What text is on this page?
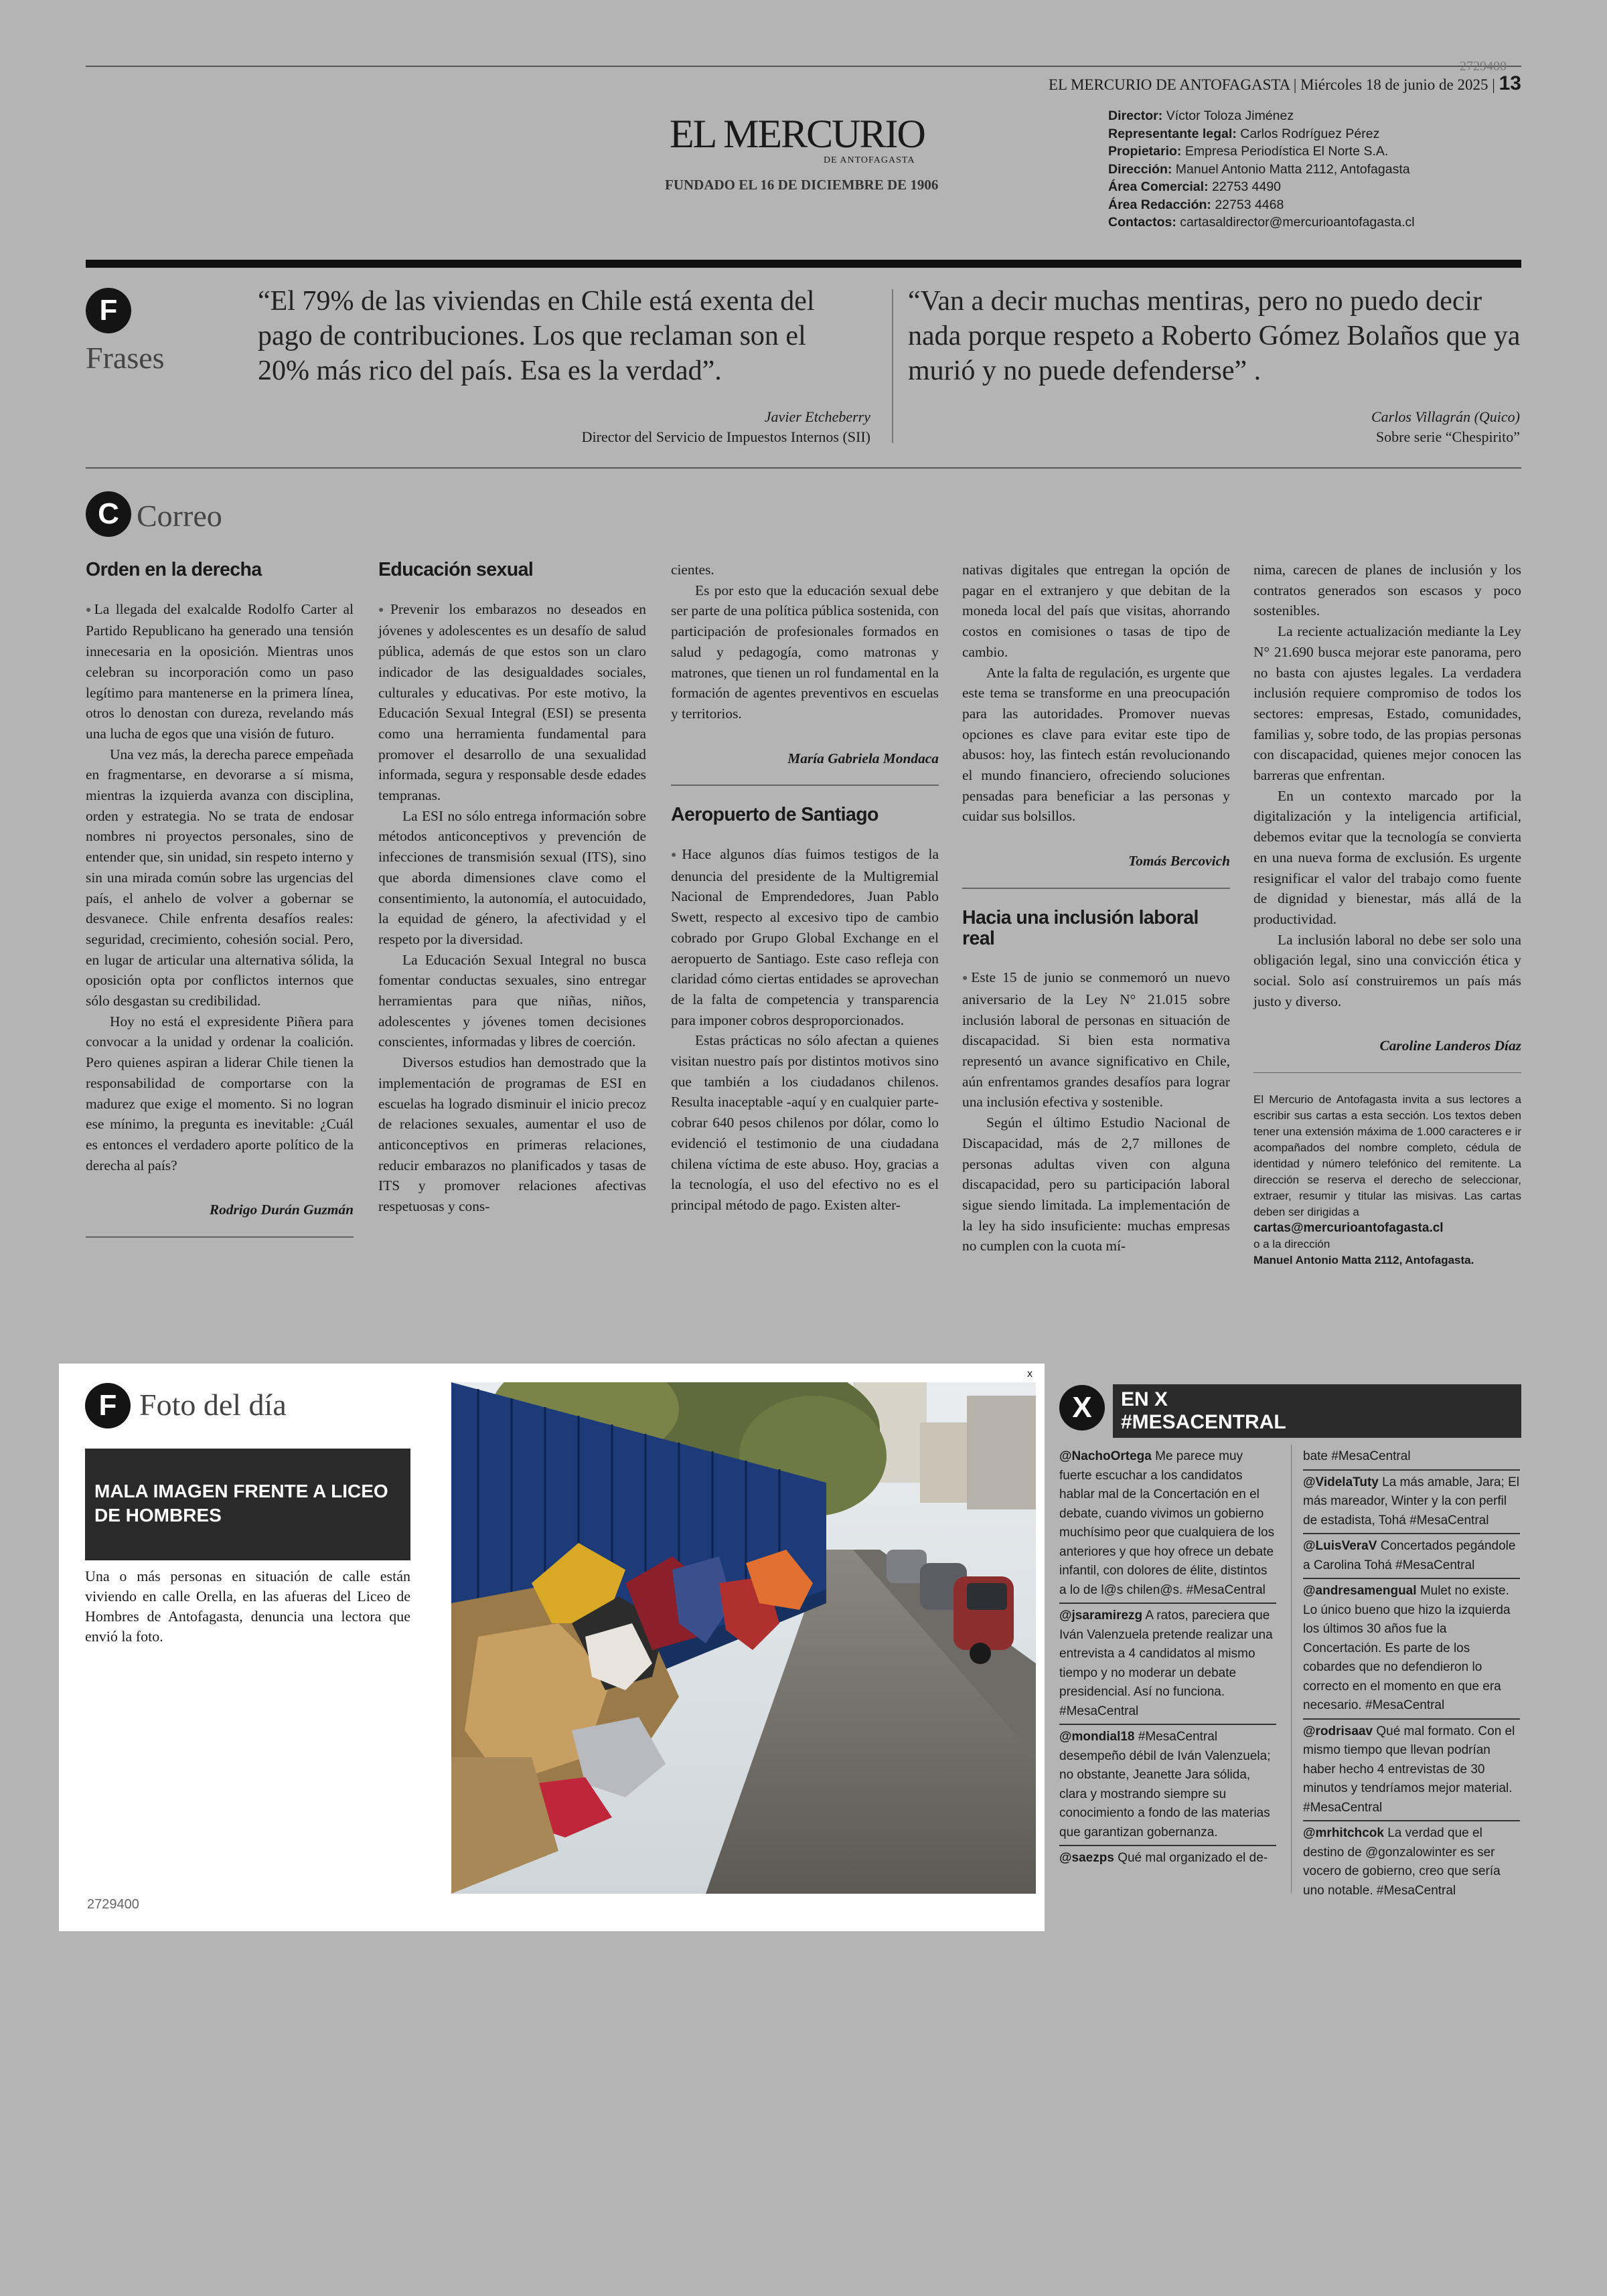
2729400
EL MERCURIO DE ANTOFAGASTA | Miércoles 18 de junio de 2025 | 13
EL MERCURIO
DE ANTOFAGASTA
FUNDADO EL 16 DE DICIEMBRE DE 1906
Director: Víctor Toloza Jiménez
Representante legal: Carlos Rodríguez Pérez
Propietario: Empresa Periodística El Norte S.A.
Dirección: Manuel Antonio Matta 2112, Antofagasta
Área Comercial: 22753 4490
Área Redacción: 22753 4468
Contactos: cartasaldirector@mercurioantofagasta.cl
F
Frases
“El 79% de las viviendas en Chile está exenta del pago de contribuciones. Los que reclaman son el 20% más rico del país. Esa es la verdad”.
Javier Etcheberry
Director del Servicio de Impuestos Internos (SII)
“Van a decir muchas mentiras, pero no puedo decir nada porque respeto a Roberto Gómez Bolaños que ya murió y no puede defenderse” .
Carlos Villagrán (Quico)
Sobre serie “Chespirito”
C Correo
Orden en la derecha

● La llegada del exalcalde Rodolfo Carter al Partido Republicano ha generado una tensión innecesaria en la oposición. Mientras unos celebran su incorporación como un paso legítimo para mantenerse en la primera línea, otros lo denostan con dureza, revelando más una lucha de egos que una visión de futuro.

Una vez más, la derecha parece empeñada en fragmentarse, en devorarse a sí misma, mientras la izquierda avanza con disciplina, orden y estrategia. No se trata de endosar nombres ni proyectos personales, sino de entender que, sin unidad, sin respeto interno y sin una mirada común sobre las urgencias del país, el anhelo de volver a gobernar se desvanece. Chile enfrenta desafíos reales: seguridad, crecimiento, cohesión social. Pero, en lugar de articular una alternativa sólida, la oposición opta por conflictos internos que sólo desgastan su credibilidad.

Hoy no está el expresidente Piñera para convocar a la unidad y ordenar la coalición. Pero quienes aspiran a liderar Chile tienen la responsabilidad de comportarse con la madurez que exige el momento. Si no logran ese mínimo, la pregunta es inevitable: ¿Cuál es entonces el verdadero aporte político de la derecha al país?

Rodrigo Durán Guzmán

Educación sexual

● Prevenir los embarazos no deseados en jóvenes y adolescentes es un desafío de salud pública, además de que estos son un claro indicador de las desigualdades sociales, culturales y educativas. Por este motivo, la Educación Sexual Integral (ESI) se presenta como una herramienta fundamental para promover el desarrollo de una sexualidad informada, segura y responsable desde edades tempranas.

La ESI no sólo entrega información sobre métodos anticonceptivos y prevención de infecciones de transmisión sexual (ITS), sino que aborda dimensiones clave como el consentimiento, la autonomía, el autocuidado, la equidad de género, la afectividad y el respeto por la diversidad.

La Educación Sexual Integral no busca fomentar conductas sexuales, sino entregar herramientas para que niñas, niños, adolescentes y jóvenes tomen decisiones conscientes, informadas y libres de coerción.

Diversos estudios han demostrado que la implementación de programas de ESI en escuelas ha logrado disminuir el inicio precoz de relaciones sexuales, aumentar el uso de anticonceptivos en primeras relaciones, reducir embarazos no planificados y tasas de ITS y promover relaciones afectivas respetuosas y cons-

cientes.

Es por esto que la educación sexual debe ser parte de una política pública sostenida, con participación de profesionales formados en salud y pedagogía, como matronas y matrones, que tienen un rol fundamental en la formación de agentes preventivos en escuelas y territorios.

María Gabriela Mondaca

Aeropuerto de Santiago

● Hace algunos días fuimos testigos de la denuncia del presidente de la Multigremial Nacional de Emprendedores, Juan Pablo Swett, respecto al excesivo tipo de cambio cobrado por Grupo Global Exchange en el aeropuerto de Santiago. Este caso refleja con claridad cómo ciertas entidades se aprovechan de la falta de competencia y transparencia para imponer cobros desproporcionados.

Estas prácticas no sólo afectan a quienes visitan nuestro país por distintos motivos sino que también a los ciudadanos chilenos. Resulta inaceptable -aquí y en cualquier parte- cobrar 640 pesos chilenos por dólar, como lo evidenció el testimonio de una ciudadana chilena víctima de este abuso. Hoy, gracias a la tecnología, el uso del efectivo no es el principal método de pago. Existen alter-

nativas digitales que entregan la opción de pagar en el extranjero y que debitan de la moneda local del país que visitas, ahorrando costos en comisiones o tasas de tipo de cambio.

Ante la falta de regulación, es urgente que este tema se transforme en una preocupación para las autoridades. Promover nuevas opciones es clave para evitar este tipo de abusos: hoy, las fintech están revolucionando el mundo financiero, ofreciendo soluciones pensadas para beneficiar a las personas y cuidar sus bolsillos.

Tomás Bercovich

Hacia una inclusión laboral real

● Este 15 de junio se conmemoró un nuevo aniversario de la Ley N° 21.015 sobre inclusión laboral de personas en situación de discapacidad. Si bien esta normativa representó un avance significativo en Chile, aún enfrentamos grandes desafíos para lograr una inclusión efectiva y sostenible.

Según el último Estudio Nacional de Discapacidad, más de 2,7 millones de personas adultas viven con alguna discapacidad, pero su participación laboral sigue siendo limitada. La implementación de la ley ha sido insuficiente: muchas empresas no cumplen con la cuota mí-

nima, carecen de planes de inclusión y los contratos generados son escasos y poco sostenibles.

La reciente actualización mediante la Ley N° 21.690 busca mejorar este panorama, pero no basta con ajustes legales. La verdadera inclusión requiere compromiso de todos los sectores: empresas, Estado, comunidades, familias y, sobre todo, de las propias personas con discapacidad, quienes mejor conocen las barreras que enfrentan.

En un contexto marcado por la digitalización y la inteligencia artificial, debemos evitar que la tecnología se convierta en una nueva forma de exclusión. Es urgente resignificar el valor del trabajo como fuente de dignidad y bienestar, más allá de la productividad.

La inclusión laboral no debe ser solo una obligación legal, sino una convicción ética y social. Solo así construiremos un país más justo y diverso.

Caroline Landeros Díaz

El Mercurio de Antofagasta invita a sus lectores a escribir sus cartas a esta sección. Los textos deben tener una extensión máxima de 1.000 caracteres e ir acompañados del nombre completo, cédula de identidad y número telefónico del remitente. La dirección se reserva el derecho de seleccionar, extraer, resumir y titular las misivas. Las cartas deben ser dirigidas a
cartas@mercurioantofagasta.cl
o a la dirección
Manuel Antonio Matta 2112, Antofagasta.
F Foto del día
x
MALA IMAGEN FRENTE A LICEO DE HOMBRES
Una o más personas en situación de calle están viviendo en calle Orella, en las afueras del Liceo de Hombres de Antofagasta, denuncia una lectora que envió la foto.
2729400
X	EN X
#MESACENTRAL
@NachoOrtega Me parece muy fuerte escuchar a los candidatos hablar mal de la Concertación en el debate, cuando vivimos un gobierno muchísimo peor que cualquiera de los anteriores y que hoy ofrece un debate infantil, con dolores de élite, distintos a lo de l@s chilen@s. #MesaCentral
@jsaramirezg A ratos, pareciera que Iván Valenzuela pretende realizar una entrevista a 4 candidatos al mismo tiempo y no moderar un debate presidencial. Así no funciona. #MesaCentral
@mondial18 #MesaCentral desempeño débil de Iván Valenzuela; no obstante, Jeanette Jara sólida, clara y mostrando siempre su conocimiento a fondo de las materias que garantizan gobernanza.
@saezps Qué mal organizado el de-
bate #MesaCentral
@VidelaTuty La más amable, Jara; El más mareador, Winter y la con perfil de estadista, Tohá #MesaCentral
@LuisVeraV Concertados pegándole a Carolina Tohá #MesaCentral
@andresamengual Mulet no existe. Lo único bueno que hizo la izquierda los últimos 30 años fue la Concertación. Es parte de los cobardes que no defendieron lo correcto en el momento en que era necesario. #MesaCentral
@rodrisaav Qué mal formato. Con el mismo tiempo que llevan podrían haber hecho 4 entrevistas de 30 minutos y tendríamos mejor material. #MesaCentral
@mrhitchcok La verdad que el destino de @gonzalowinter es ser vocero de gobierno, creo que sería uno notable. #MesaCentral
